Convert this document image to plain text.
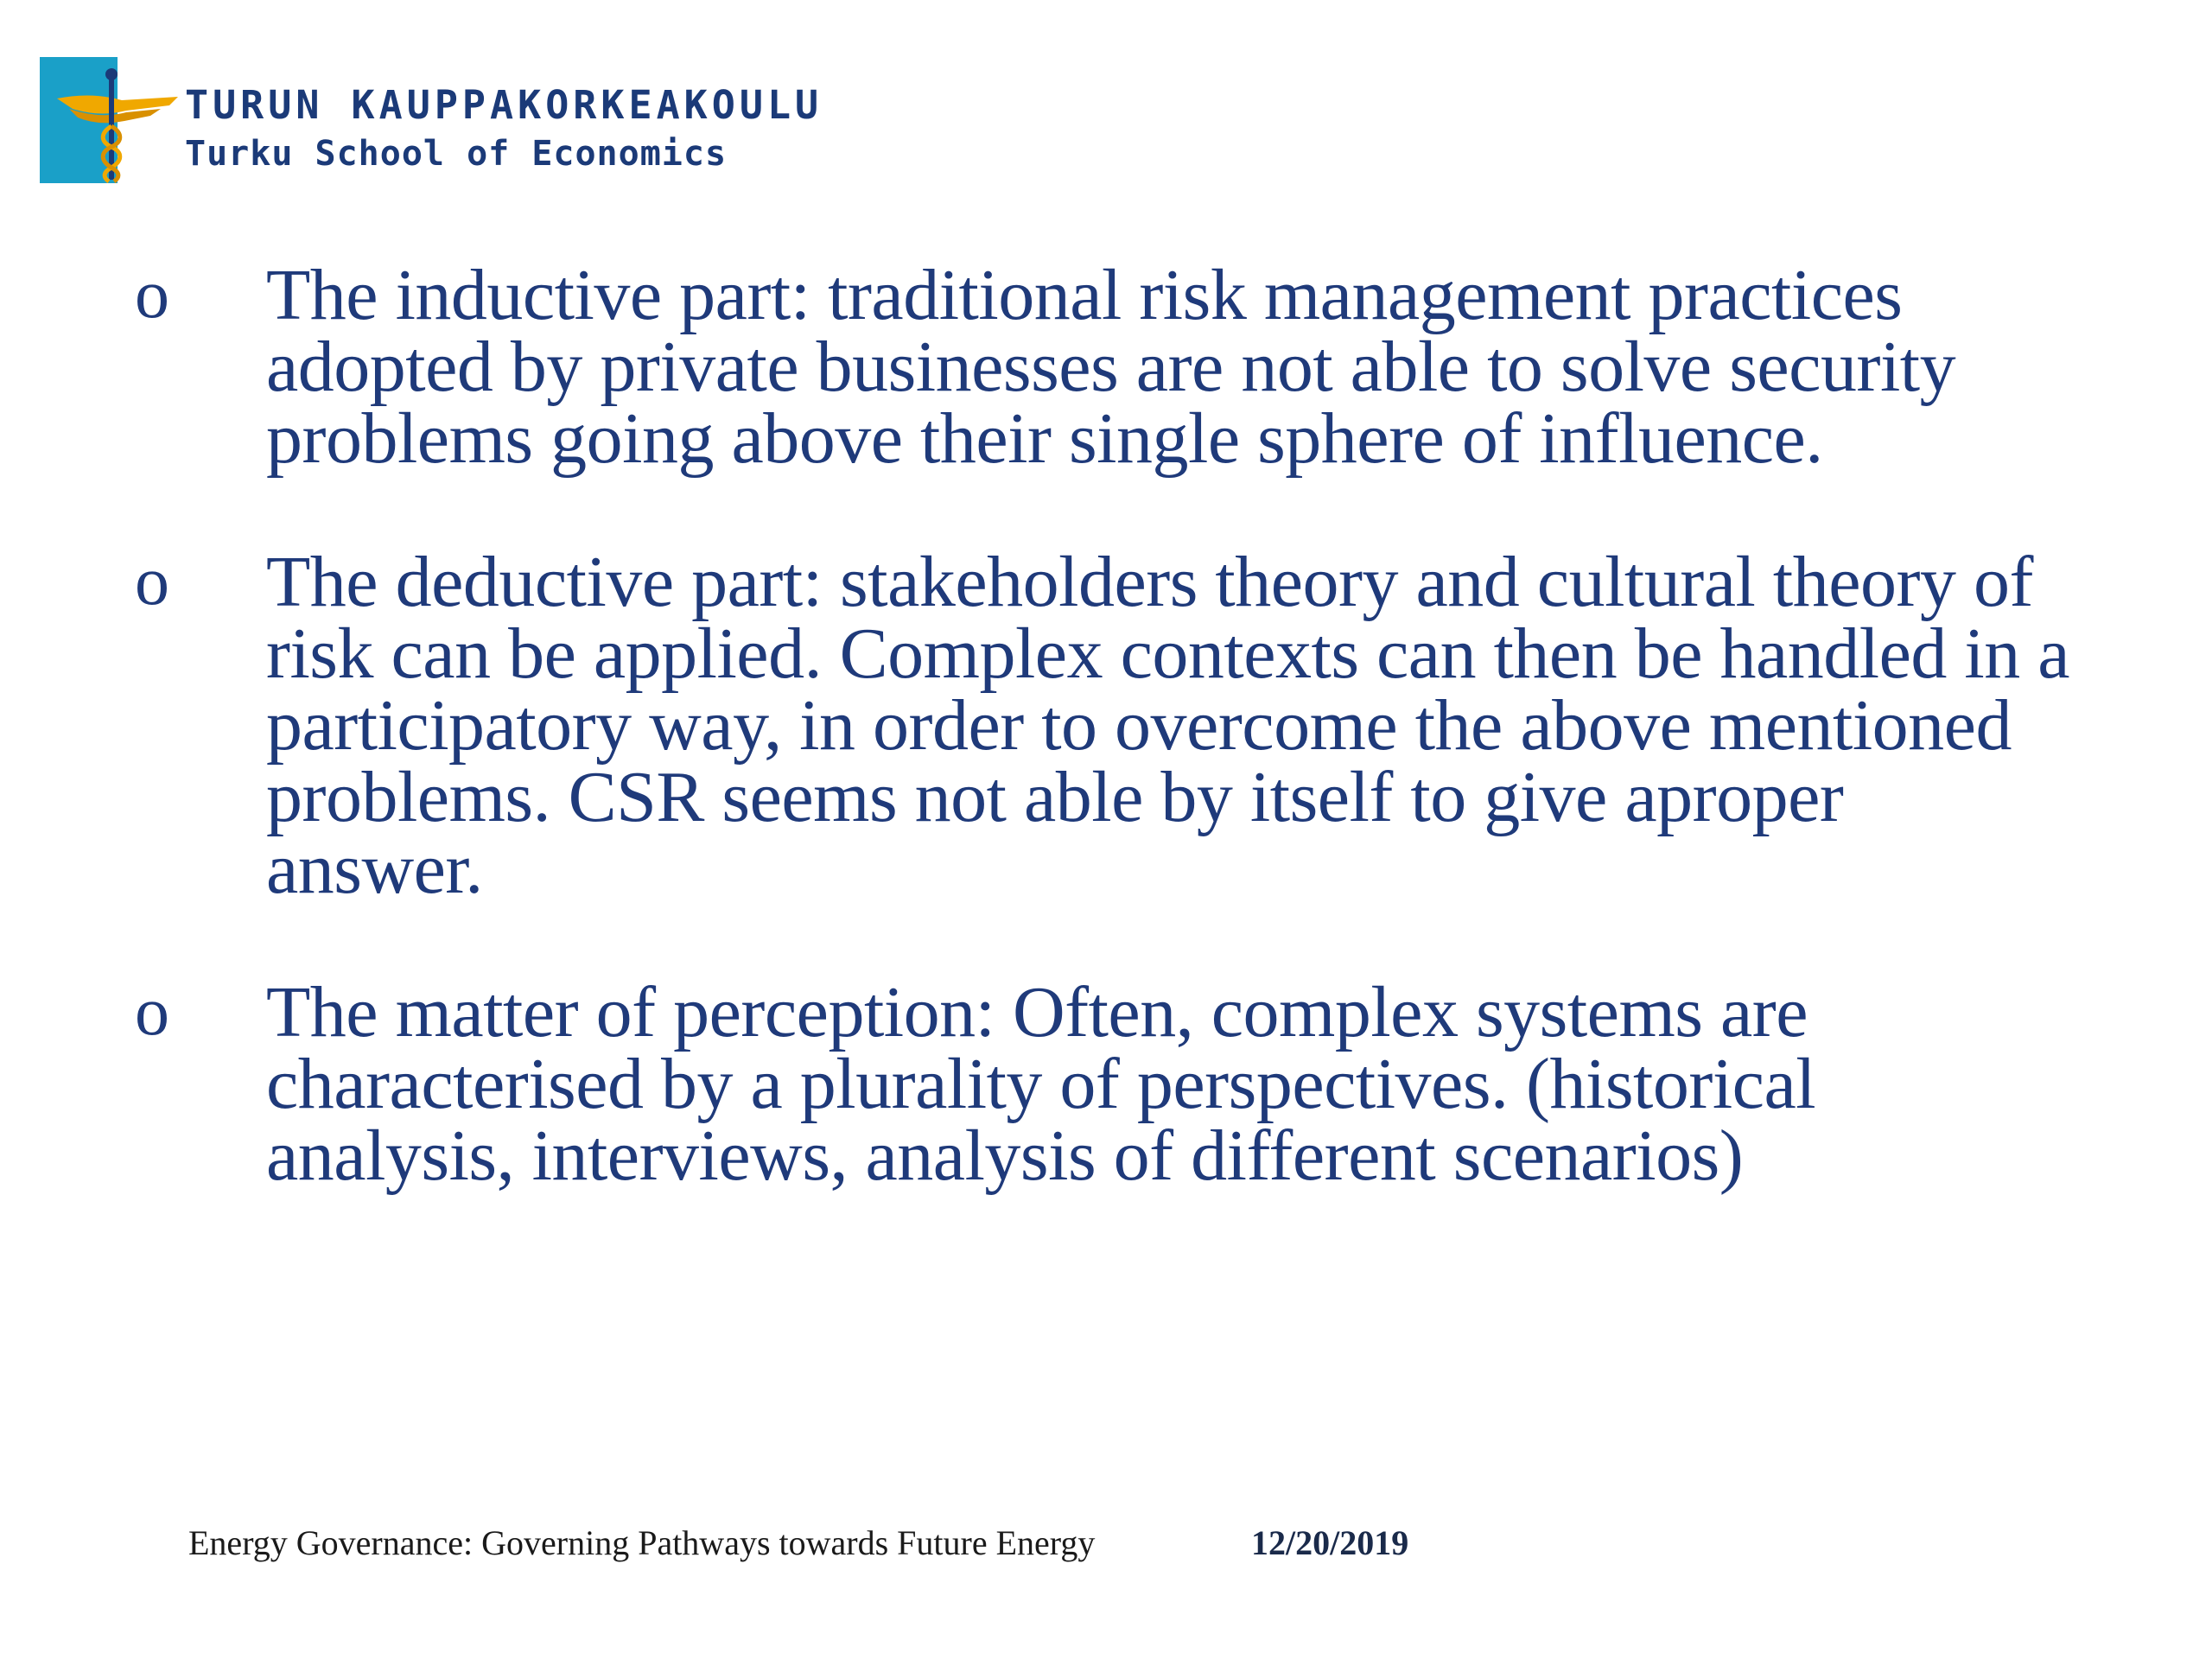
TURUN KAUPPAKORKEAKOULU
Turku School of Economics
o The inductive part: traditional risk management practices adopted by private businesses are not able to solve security problems going above their single sphere of influence.
o The deductive part: stakeholders theory and cultural theory of risk can be applied. Complex contexts can then be handled in a participatory way, in order to overcome the above mentioned problems. CSR seems not able by itself to give aproper answer.
o The matter of perception: Often, complex systems are characterised by a plurality of perspectives. (historical analysis, interviews, analysis of different scenarios)
Energy Governance: Governing Pathways towards Future Energy	12/20/2019
